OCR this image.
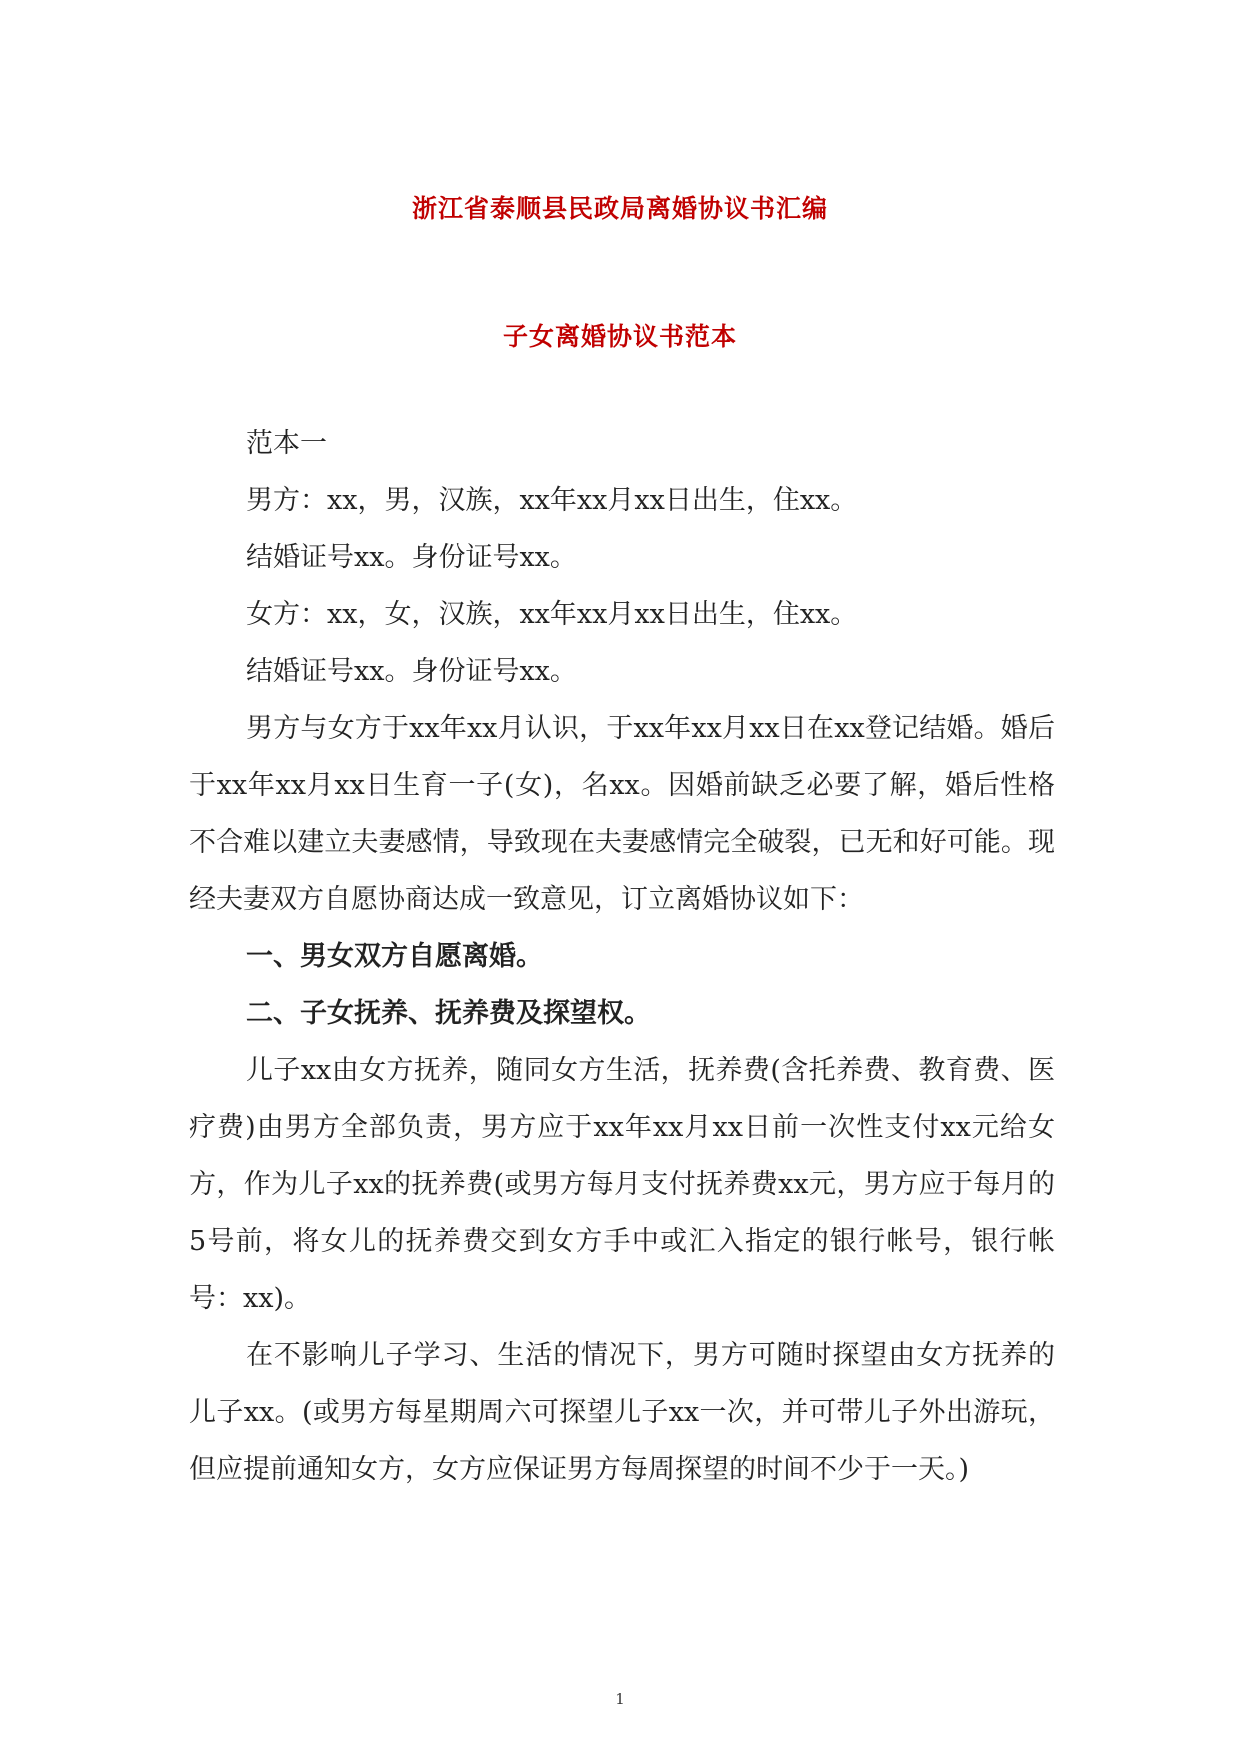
浙江省泰顺县民政局离婚协议书汇编
子女离婚协议书范本

范本一

男方：xx，男，汉族，xx年xx月xx日出生，住xx。

结婚证号xx。身份证号xx。

女方：xx，女，汉族，xx年xx月xx日出生，住xx。

结婚证号xx。身份证号xx。

男方与女方于xx年xx月认识，于xx年xx月xx日在xx登记结婚。婚后于xx年xx月xx日生育一子(女)，名xx。因婚前缺乏必要了解，婚后性格不合难以建立夫妻感情，导致现在夫妻感情完全破裂，已无和好可能。现经夫妻双方自愿协商达成一致意见，订立离婚协议如下：

一、男女双方自愿离婚。

二、子女抚养、抚养费及探望权。

儿子xx由女方抚养，随同女方生活，抚养费(含托养费、教育费、医疗费)由男方全部负责，男方应于xx年xx月xx日前一次性支付xx元给女方，作为儿子xx的抚养费(或男方每月支付抚养费xx元，男方应于每月的5号前，将女儿的抚养费交到女方手中或汇入指定的银行帐号，银行帐号：xx)。

在不影响儿子学习、生活的情况下，男方可随时探望由女方抚养的儿子xx。(或男方每星期周六可探望儿子xx一次，并可带儿子外出游玩，但应提前通知女方，女方应保证男方每周探望的时间不少于一天。)

1
